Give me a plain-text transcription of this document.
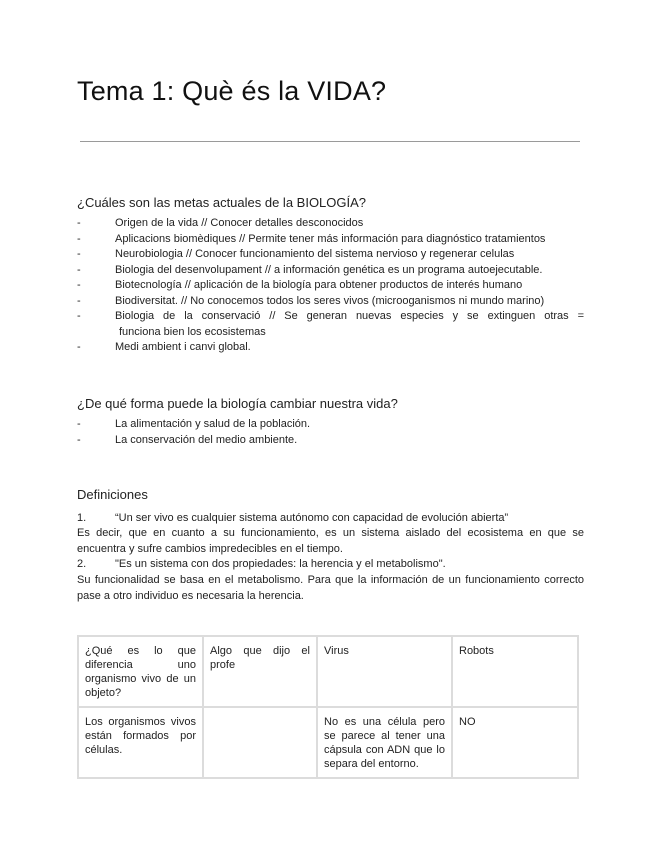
Tema 1: Què és la VIDA?
¿Cuáles son las metas actuales de la BIOLOGÍA?
-	Origen de la vida // Conocer detalles desconocidos
-	Aplicacions biomèdiques // Permite tener más información para diagnóstico tratamientos
-	Neurobiologia // Conocer funcionamiento del sistema nervioso y regenerar celulas
-	Biologia del desenvolupament // a información genética es un programa autoejecutable.
-	Biotecnología // aplicación de la biología para obtener productos de interés humano
-	Biodiversitat. // No conocemos todos los seres vivos (microoganismos ni mundo marino)
-	Biologia de la conservació // Se generan nuevas especies y se extinguen otras =
funciona bien los ecosistemas
-	Medi ambient i canvi global.
¿De qué forma puede la biología cambiar nuestra vida?
-	La alimentación y salud de la población.
-	La conservación del medio ambiente.
Definiciones

1.	“Un ser vivo es cualquier sistema autónomo con capacidad de evolución abierta”

Es decir, que en cuanto a su funcionamiento, es un sistema aislado del ecosistema en que se encuentra y sufre cambios impredecibles en el tiempo.

2.	"Es un sistema con dos propiedades: la herencia y el metabolismo".

Su funcionalidad se basa en el metabolismo. Para que la información de un funcionamiento correcto pase a otro individuo es necesaria la herencia.

¿Qué es lo que diferencia uno organismo vivo de un objeto?	Algo que dijo el profe	Virus	Robots
Los organismos vivos están formados por células.		No es una célula pero se parece al tener una cápsula con ADN que lo separa del entorno.	NO
